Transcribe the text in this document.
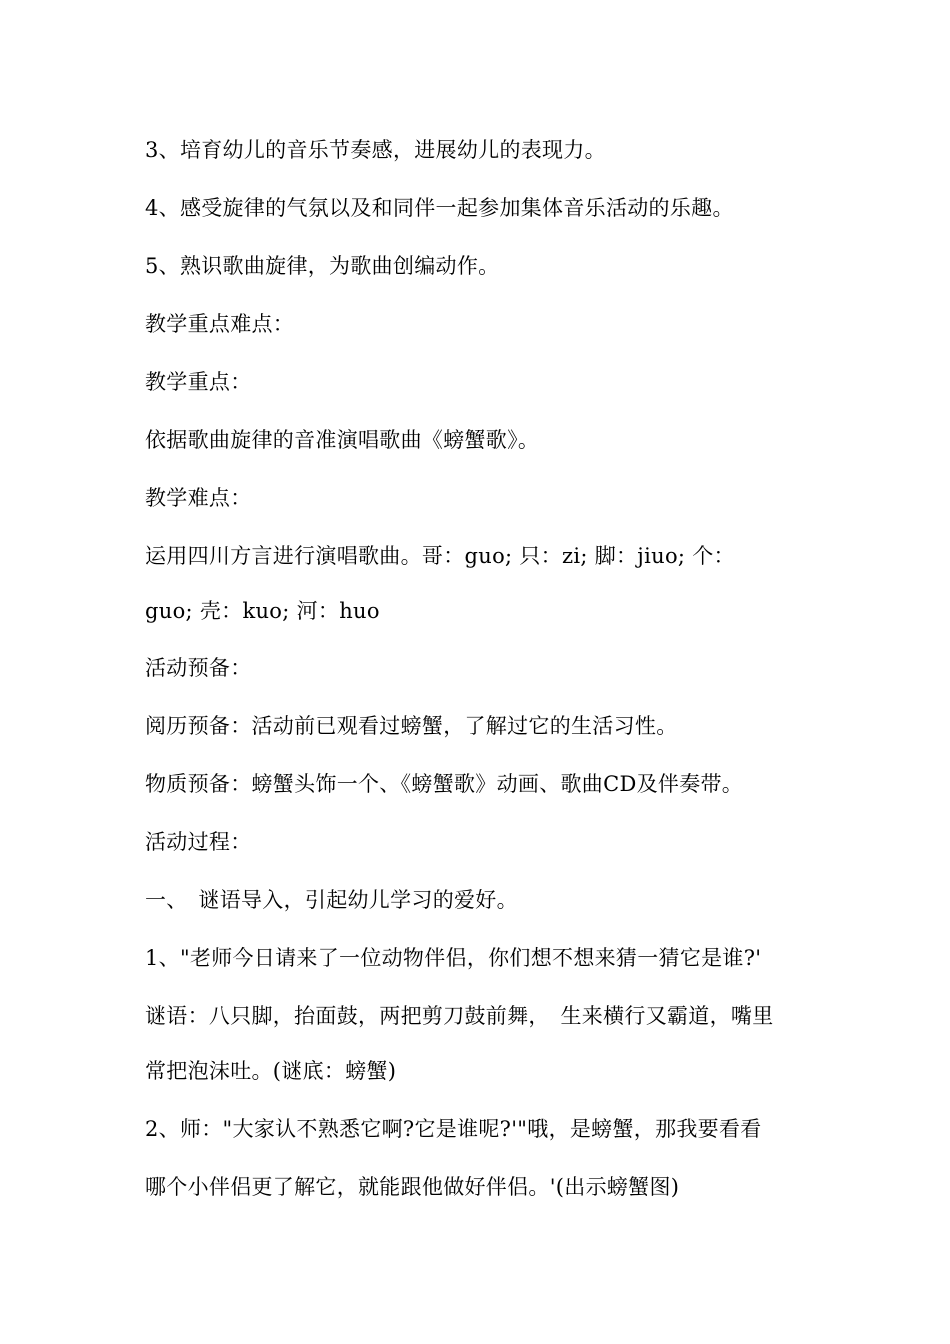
3、培育幼儿的音乐节奏感，进展幼儿的表现力。

4、感受旋律的气氛以及和同伴一起参加集体音乐活动的乐趣。

5、熟识歌曲旋律，为歌曲创编动作。

教学重点难点：

教学重点：

依据歌曲旋律的音准演唱歌曲《螃蟹歌》。

教学难点：

运用四川方言进行演唱歌曲。哥：guo; 只：zi; 脚：jiuo; 个：

guo; 壳：kuo; 河：huo

活动预备：

阅历预备：活动前已观看过螃蟹，了解过它的生活习性。

物质预备：螃蟹头饰一个、《螃蟹歌》动画、歌曲CD及伴奏带。

活动过程：

一、　谜语导入，引起幼儿学习的爱好。

1、"老师今日请来了一位动物伴侣，你们想不想来猜一猜它是谁?'

谜语：八只脚，抬面鼓，两把剪刀鼓前舞，　生来横行又霸道，嘴里

常把泡沫吐。(谜底：螃蟹)

2、师："大家认不熟悉它啊?它是谁呢?'"哦，是螃蟹，那我要看看

哪个小伴侣更了解它，就能跟他做好伴侣。'(出示螃蟹图)
